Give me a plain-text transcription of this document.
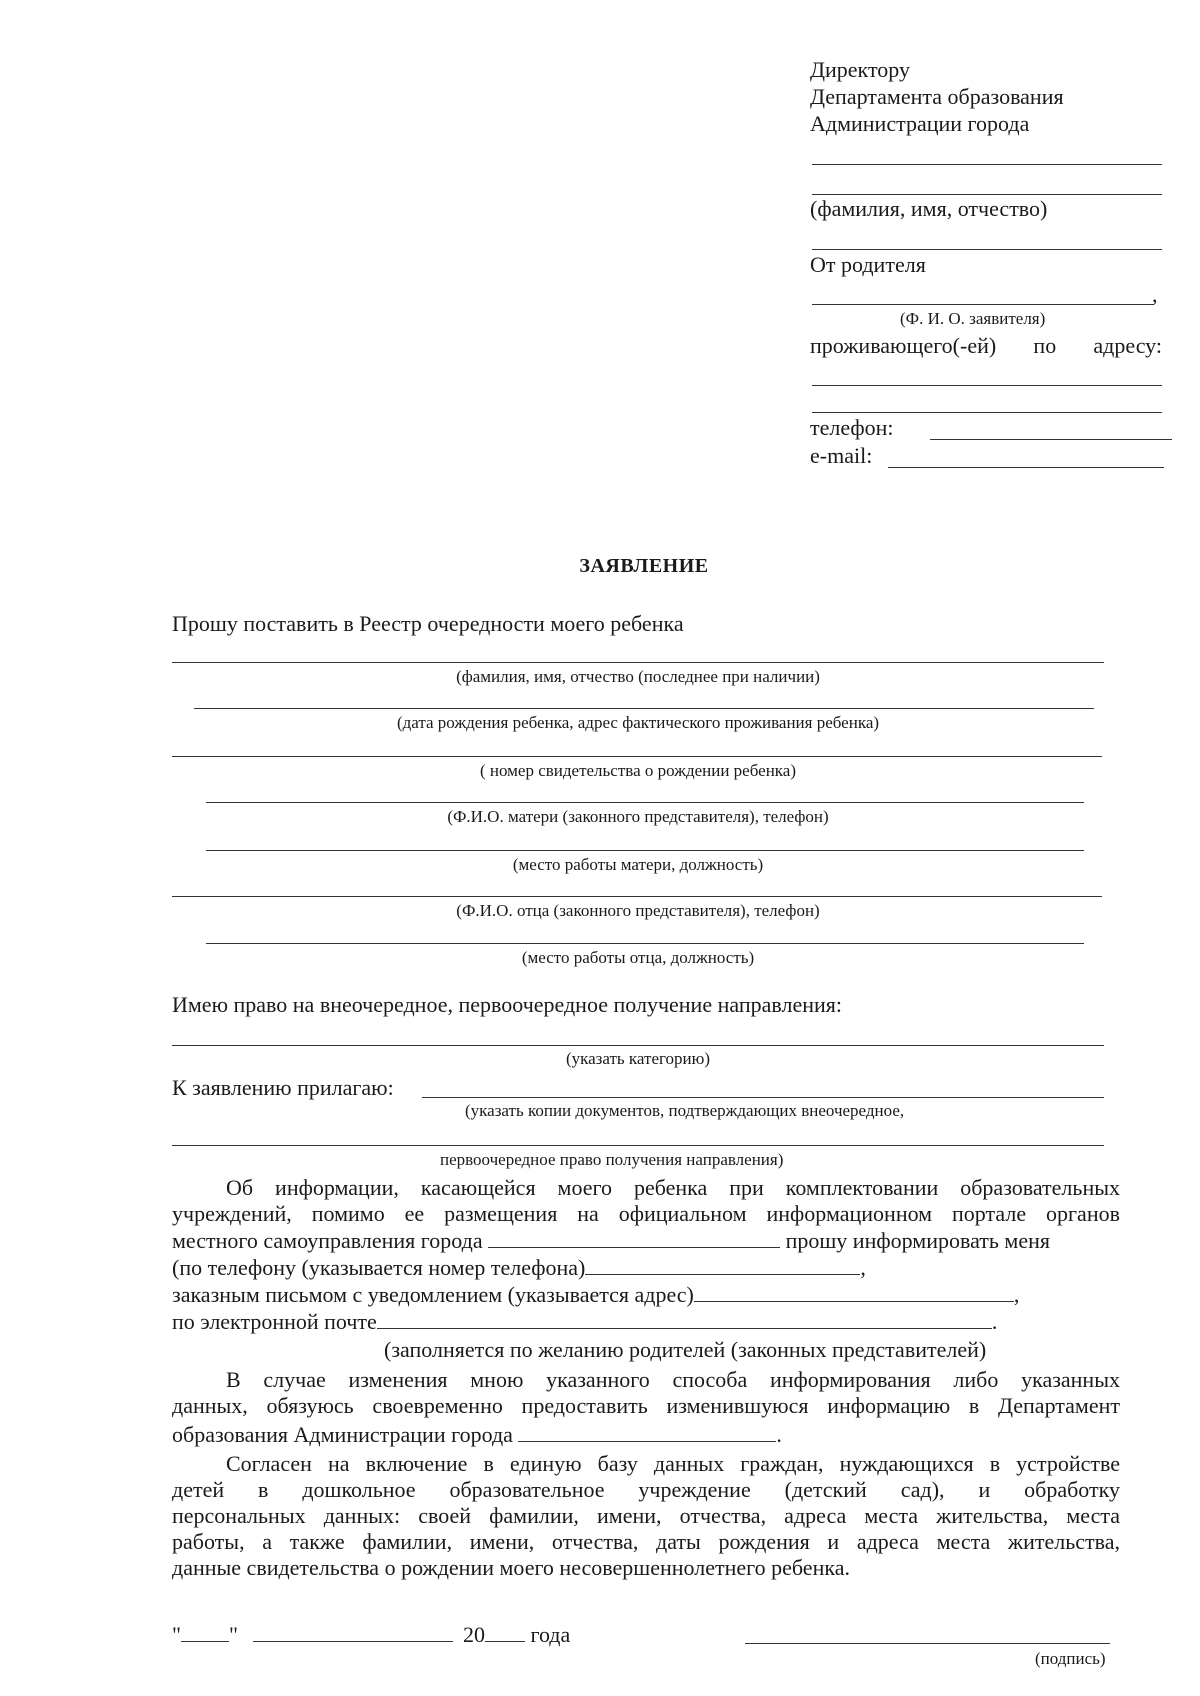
Директору
Департамента образования
Администрации города
(фамилия, имя, отчество)
От родителя
,
(Ф. И. О. заявителя)
проживающего(-ей) по адресу:
телефон:
e-mail:
ЗАЯВЛЕНИЕ
Прошу поставить в Реестр очередности моего ребенка
(фамилия, имя, отчество (последнее при наличии)
(дата рождения ребенка, адрес фактического проживания ребенка)
( номер свидетельства о рождении ребенка)
(Ф.И.О. матери (законного представителя), телефон)
(место работы матери, должность)
(Ф.И.О. отца (законного представителя), телефон)
(место работы отца, должность)
Имею право на внеочередное, первоочередное получение направления:
(указать категорию)
К заявлению прилагаю:
(указать копии документов, подтверждающих внеочередное,
первоочередное право получения направления)
Об информации, касающейся моего ребенка при комплектовании образовательных
учреждений, помимо ее размещения на официальном информационном портале органов
местного самоуправления города	прошу информировать меня
(по телефону (указывается номер телефона)	,
заказным письмом с уведомлением (указывается адрес)	,
по электронной почте	.
(заполняется по желанию родителей (законных представителей)
В случае изменения мною указанного способа информирования либо указанных
данных, обязуюсь своевременно предоставить изменившуюся информацию в Департамент
образования Администрации города	.
Согласен на включение в единую базу данных граждан, нуждающихся в устройстве
детей в дошкольное образовательное учреждение (детский сад), и обработку
персональных данных: своей фамилии, имени, отчества, адреса места жительства, места
работы, а также фамилии, имени, отчества, даты рождения и адреса места жительства,
данные свидетельства о рождении моего несовершеннолетнего ребенка.
" "	20 года
(подпись)
